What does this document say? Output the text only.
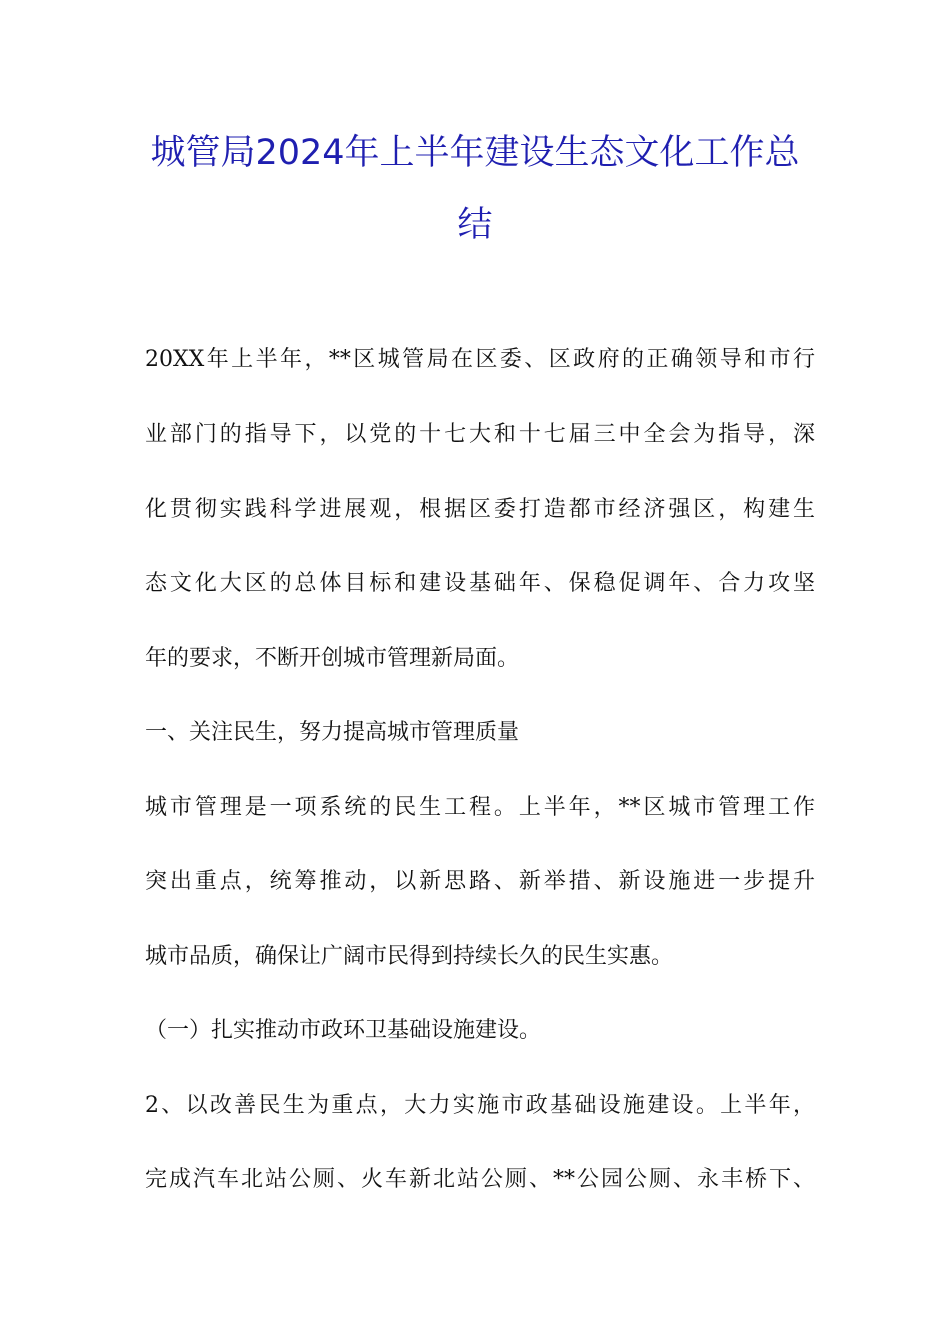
城管局2024年上半年建设生态文化工作总
结
20XX年上半年，**区城管局在区委、区政府的正确领导和市行
业部门的指导下，以党的十七大和十七届三中全会为指导，深
化贯彻实践科学进展观，根据区委打造都市经济强区，构建生
态文化大区的总体目标和建设基础年、保稳促调年、合力攻坚
年的要求，不断开创城市管理新局面。
一、关注民生，努力提高城市管理质量
城市管理是一项系统的民生工程。上半年，**区城市管理工作
突出重点，统筹推动，以新思路、新举措、新设施进一步提升
城市品质，确保让广阔市民得到持续长久的民生实惠。
（一）扎实推动市政环卫基础设施建设。
2、以改善民生为重点，大力实施市政基础设施建设。上半年，
完成汽车北站公厕、火车新北站公厕、**公园公厕、永丰桥下、
